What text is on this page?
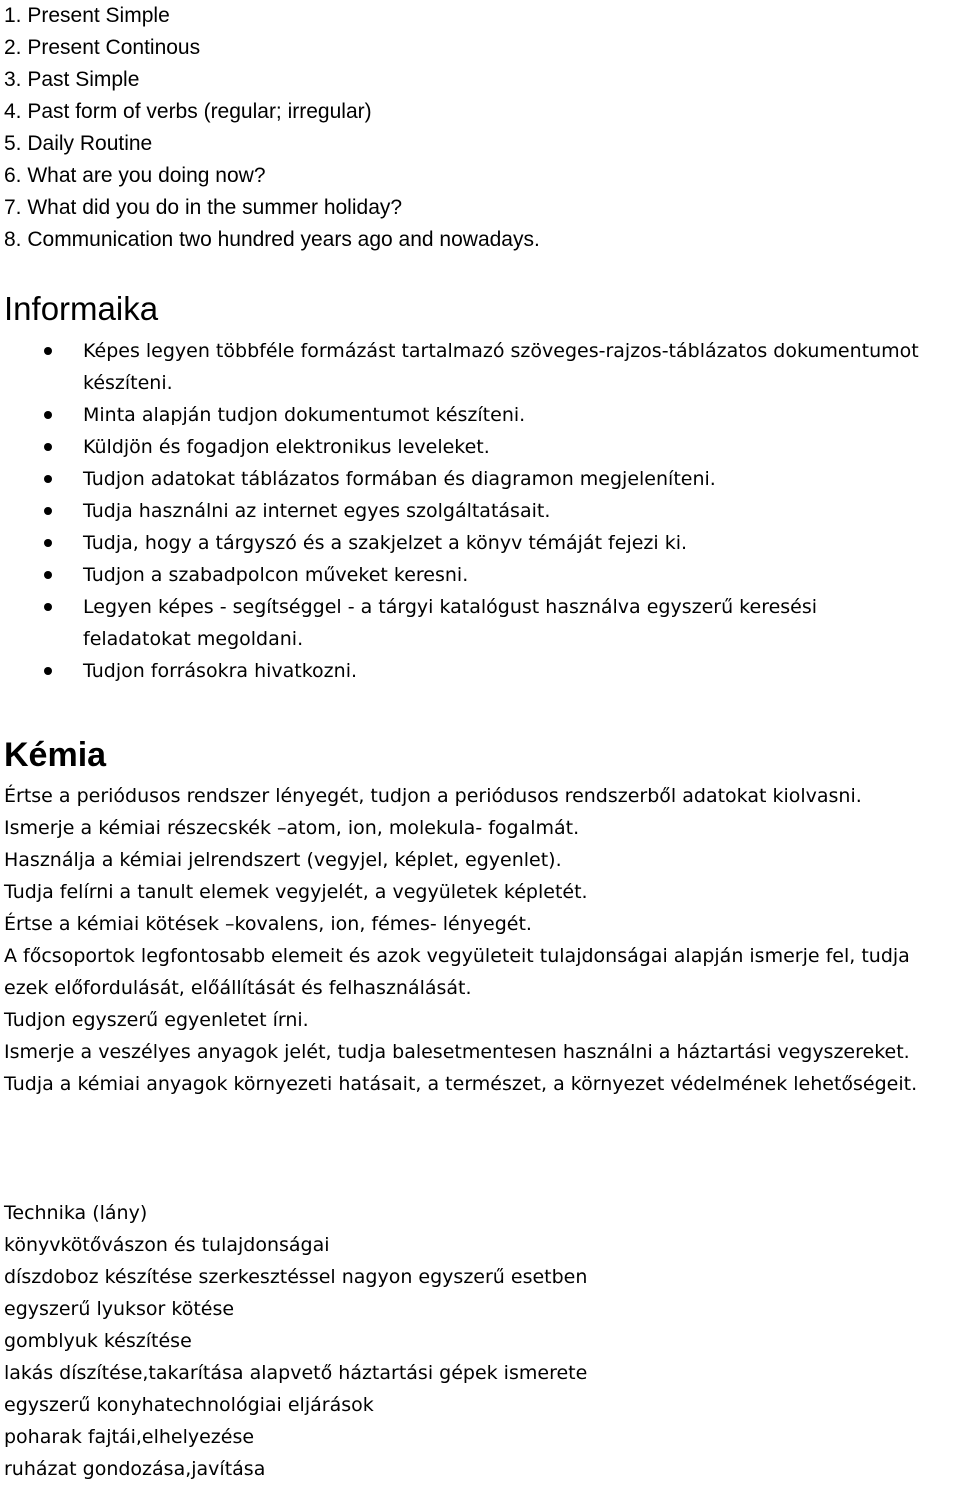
1. Present Simple
2. Present Continous
3. Past Simple
4. Past form of verbs (regular; irregular)
5. Daily Routine
6. What are you doing now?
7. What did you do in the summer holiday?
8. Communication two hundred years ago and nowadays.
Informaika
Képes legyen többféle formázást tartalmazó szöveges-rajzos-táblázatos dokumentumot készíteni.
Minta alapján tudjon dokumentumot készíteni.
Küldjön és fogadjon elektronikus leveleket.
Tudjon adatokat táblázatos formában és diagramon megjeleníteni.
Tudja használni az internet egyes szolgáltatásait.
Tudja, hogy a tárgyszó és a szakjelzet a könyv témáját fejezi ki.
Tudjon a szabadpolcon műveket keresni.
Legyen képes - segítséggel - a tárgyi katalógust használva egyszerű keresési feladatokat megoldani.
Tudjon forrásokra hivatkozni.
Kémia

Értse a periódusos rendszer lényegét, tudjon a periódusos rendszerből adatokat kiolvasni.

Ismerje a kémiai részecskék –atom, ion, molekula- fogalmát.

Használja a kémiai jelrendszert (vegyjel, képlet, egyenlet).

Tudja felírni a tanult elemek vegyjelét, a vegyületek képletét.

Értse a kémiai kötések –kovalens, ion, fémes- lényegét.

A főcsoportok legfontosabb elemeit és azok vegyületeit tulajdonságai alapján ismerje fel, tudja ezek előfordulását, előállítását és felhasználását.

Tudjon egyszerű egyenletet írni.

Ismerje a veszélyes anyagok jelét, tudja balesetmentesen használni a háztartási vegyszereket.

Tudja a kémiai anyagok környezeti hatásait, a természet, a környezet védelmének lehetőségeit.

Technika (lány)

könyvkötővászon és tulajdonságai

díszdoboz készítése szerkesztéssel nagyon egyszerű esetben

egyszerű lyuksor kötése

gomblyuk készítése

lakás díszítése,takarítása alapvető háztartási gépek ismerete

egyszerű konyhatechnológiai eljárások

poharak fajtái,elhelyezése

ruházat gondozása,javítása
